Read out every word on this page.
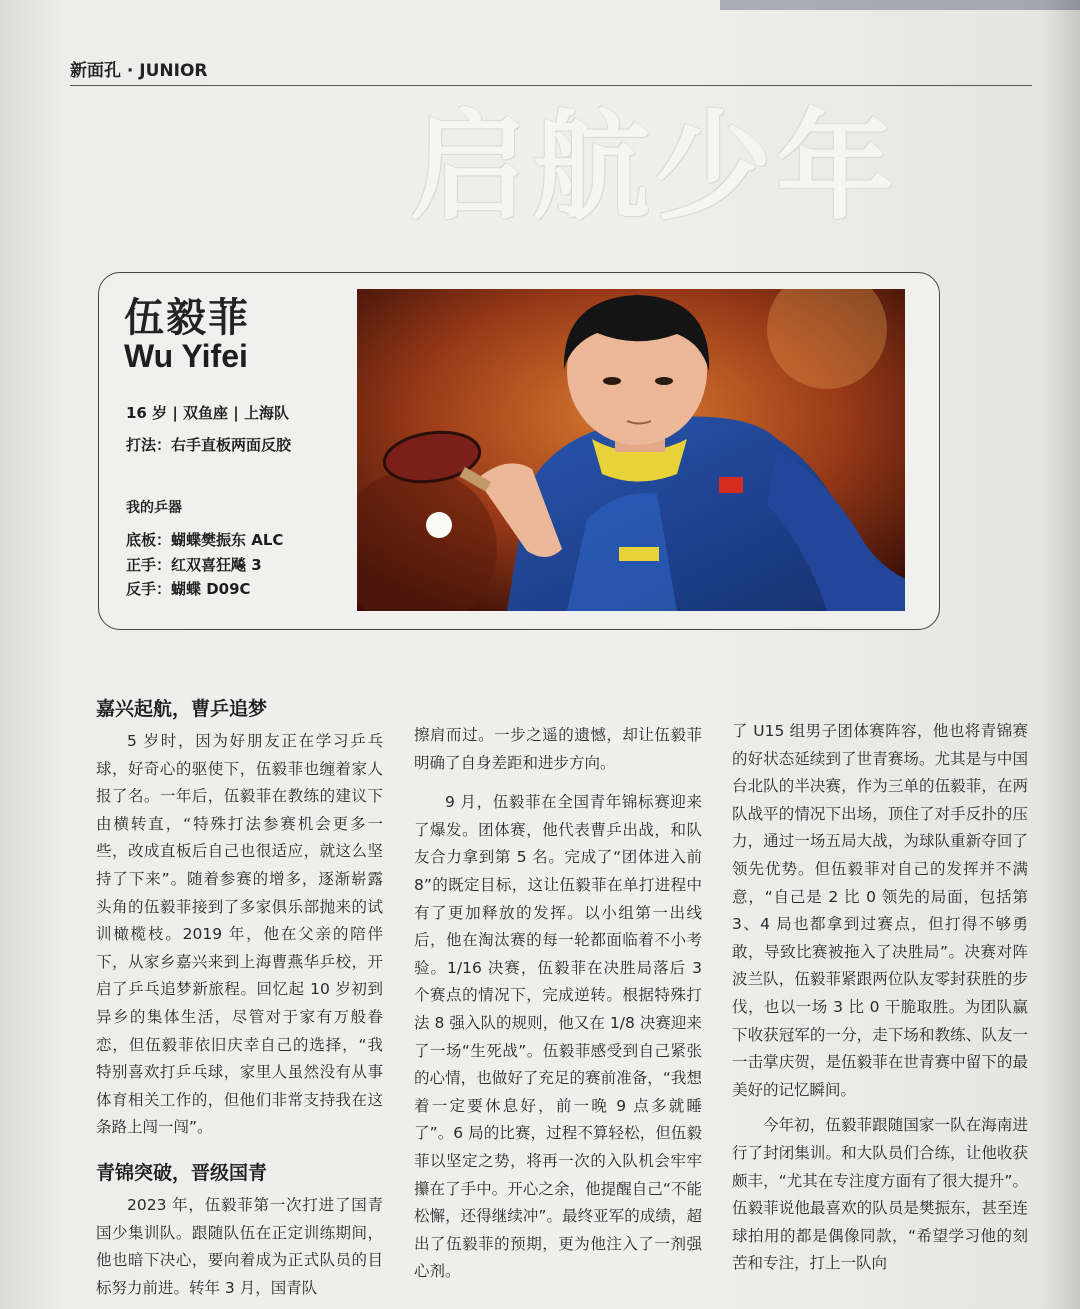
新面孔 · JUNIOR
启航少年
伍毅菲
Wu Yifei
16 岁 | 双鱼座 | 上海队
打法：右手直板两面反胶
我的乒器
底板：蝴蝶樊振东 ALC
正手：红双喜狂飚 3
反手：蝴蝶 D09C
嘉兴起航，曹乒追梦

5 岁时，因为好朋友正在学习乒乓球，好奇心的驱使下，伍毅菲也缠着家人报了名。一年后，伍毅菲在教练的建议下由横转直，“特殊打法参赛机会更多一些，改成直板后自己也很适应，就这么坚持了下来”。随着参赛的增多，逐渐崭露头角的伍毅菲接到了多家俱乐部抛来的试训橄榄枝。2019 年，他在父亲的陪伴下，从家乡嘉兴来到上海曹燕华乒校，开启了乒乓追梦新旅程。回忆起 10 岁初到异乡的集体生活，尽管对于家有万般眷恋，但伍毅菲依旧庆幸自己的选择，“我特别喜欢打乒乓球，家里人虽然没有从事体育相关工作的，但他们非常支持我在这条路上闯一闯”。

青锦突破，晋级国青

2023 年，伍毅菲第一次打进了国青国少集训队。跟随队伍在正定训练期间，他也暗下决心，要向着成为正式队员的目标努力前进。转年 3 月，国青队

擦肩而过。一步之遥的遗憾，却让伍毅菲明确了自身差距和进步方向。

9 月，伍毅菲在全国青年锦标赛迎来了爆发。团体赛，他代表曹乒出战，和队友合力拿到第 5 名。完成了“团体进入前 8”的既定目标，这让伍毅菲在单打进程中有了更加释放的发挥。以小组第一出线后，他在淘汰赛的每一轮都面临着不小考验。1/16 决赛，伍毅菲在决胜局落后 3 个赛点的情况下，完成逆转。根据特殊打法 8 强入队的规则，他又在 1/8 决赛迎来了一场“生死战”。伍毅菲感受到自己紧张的心情，也做好了充足的赛前准备，“我想着一定要休息好，前一晚 9 点多就睡了”。6 局的比赛，过程不算轻松，但伍毅菲以坚定之势，将再一次的入队机会牢牢攥在了手中。开心之余，他提醒自己“不能松懈，还得继续冲”。最终亚军的成绩，超出了伍毅菲的预期，更为他注入了一剂强心剂。

了 U15 组男子团体赛阵容，他也将青锦赛的好状态延续到了世青赛场。尤其是与中国台北队的半决赛，作为三单的伍毅菲，在两队战平的情况下出场，顶住了对手反扑的压力，通过一场五局大战，为球队重新夺回了领先优势。但伍毅菲对自己的发挥并不满意，“自己是 2 比 0 领先的局面，包括第 3、4 局也都拿到过赛点，但打得不够勇敢，导致比赛被拖入了决胜局”。决赛对阵波兰队，伍毅菲紧跟两位队友零封获胜的步伐，也以一场 3 比 0 干脆取胜。为团队赢下收获冠军的一分，走下场和教练、队友一一击掌庆贺，是伍毅菲在世青赛中留下的最美好的记忆瞬间。

今年初，伍毅菲跟随国家一队在海南进行了封闭集训。和大队员们合练，让他收获颇丰，“尤其在专注度方面有了很大提升”。伍毅菲说他最喜欢的队员是樊振东，甚至连球拍用的都是偶像同款，“希望学习他的刻苦和专注，打上一队向
